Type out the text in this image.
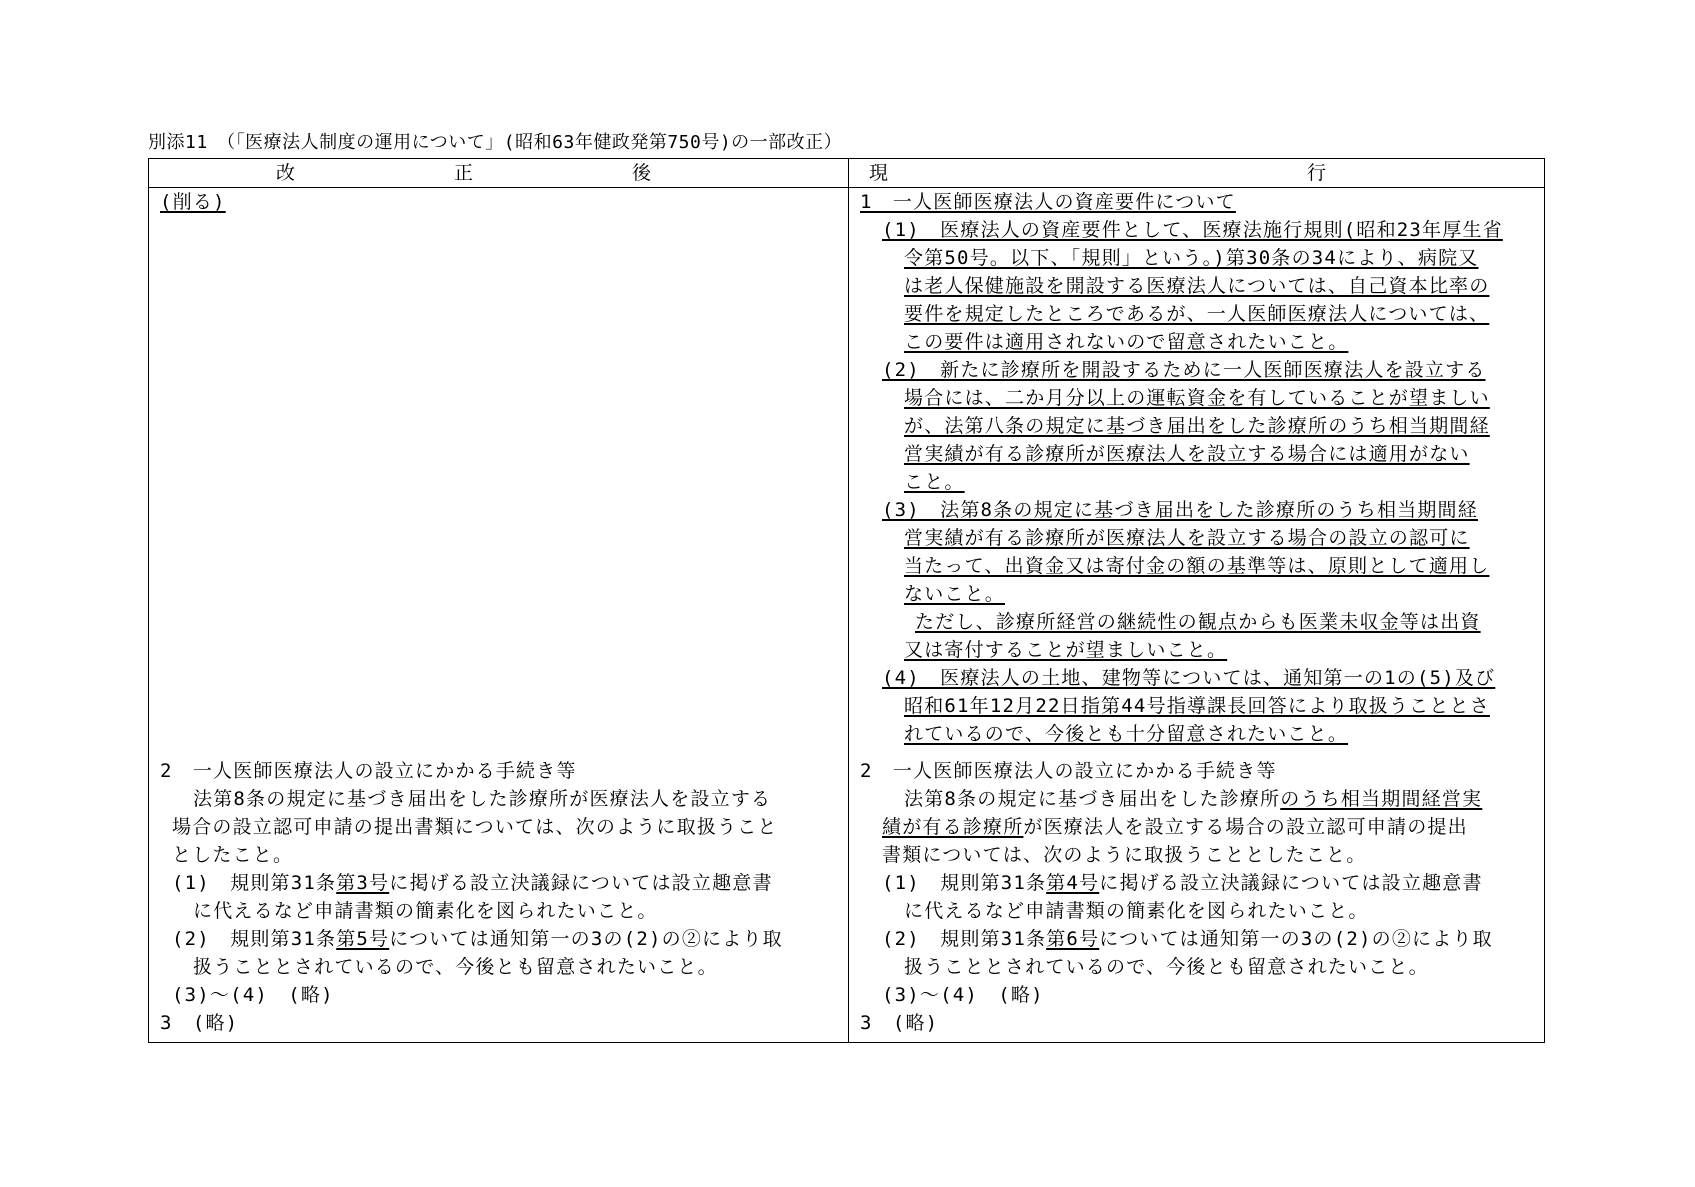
別添11　（「医療法人制度の運用について」(昭和63年健政発第750号)の一部改正）
改　正　後	現　行
(削る)
2　一人医師医療法人の設立にかかる手続き等
法第8条の規定に基づき届出をした診療所が医療法人を設立する
場合の設立認可申請の提出書類については、次のように取扱うこと
としたこと。
(1)　規則第31条第3号に掲げる設立決議録については設立趣意書
に代えるなど申請書類の簡素化を図られたいこと。
(2)　規則第31条第5号については通知第一の3の(2)の②により取
扱うこととされているので、今後とも留意されたいこと。
(3)～(4)　(略)
3　(略)
1　一人医師医療法人の資産要件について
(1)　医療法人の資産要件として、医療法施行規則(昭和23年厚生省
令第50号。以下、「規則」という。)第30条の34により、病院又
は老人保健施設を開設する医療法人については、自己資本比率の
要件を規定したところであるが、一人医師医療法人については、
この要件は適用されないので留意されたいこと。
(2)　新たに診療所を開設するために一人医師医療法人を設立する
場合には、二か月分以上の運転資金を有していることが望ましい
が、法第八条の規定に基づき届出をした診療所のうち相当期間経
営実績が有る診療所が医療法人を設立する場合には適用がない
こと。
(3)　法第8条の規定に基づき届出をした診療所のうち相当期間経
営実績が有る診療所が医療法人を設立する場合の設立の認可に
当たって、出資金又は寄付金の額の基準等は、原則として適用し
ないこと。
ただし、診療所経営の継続性の観点からも医業未収金等は出資
又は寄付することが望ましいこと。
(4)　医療法人の土地、建物等については、通知第一の1の(5)及び
昭和61年12月22日指第44号指導課長回答により取扱うこととさ
れているので、今後とも十分留意されたいこと。
2　一人医師医療法人の設立にかかる手続き等
法第8条の規定に基づき届出をした診療所のうち相当期間経営実
績が有る診療所が医療法人を設立する場合の設立認可申請の提出
書類については、次のように取扱うこととしたこと。
(1)　規則第31条第4号に掲げる設立決議録については設立趣意書
に代えるなど申請書類の簡素化を図られたいこと。
(2)　規則第31条第6号については通知第一の3の(2)の②により取
扱うこととされているので、今後とも留意されたいこと。
(3)～(4)　(略)
3　(略)
